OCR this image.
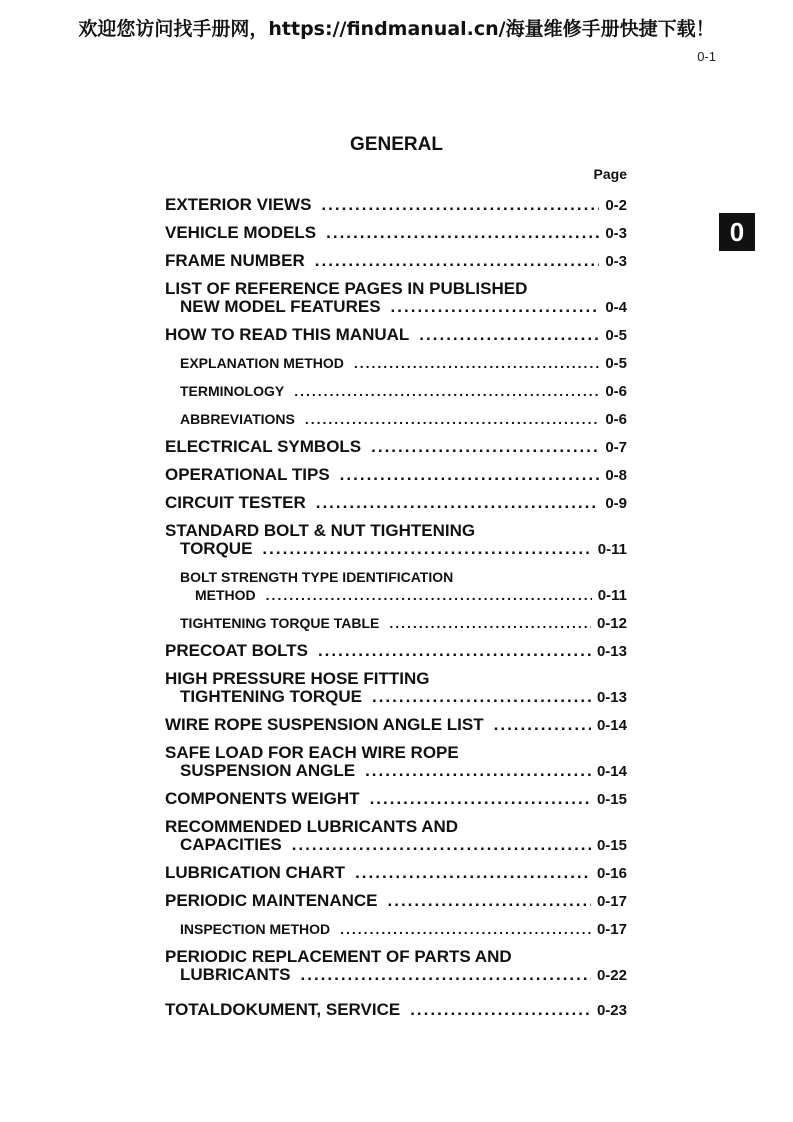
欢迎您访问找手册网，https://findmanual.cn/海量维修手册快捷下载！
0-1
0
GENERAL
Page
EXTERIOR VIEWS .....	0-2
VEHICLE MODELS .....	0-3
FRAME NUMBER .....	0-3
LIST OF REFERENCE PAGES IN PUBLISHED
NEW MODEL FEATURES .....	0-4
HOW TO READ THIS MANUAL .....	0-5
EXPLANATION METHOD .....	0-5
TERMINOLOGY .....	0-6
ABBREVIATIONS .....	0-6
ELECTRICAL SYMBOLS .....	0-7
OPERATIONAL TIPS .....	0-8
CIRCUIT TESTER .....	0-9
STANDARD BOLT & NUT TIGHTENING
TORQUE .....	0-11
BOLT STRENGTH TYPE IDENTIFICATION
METHOD .....	0-11
TIGHTENING TORQUE TABLE .....	0-12
PRECOAT BOLTS .....	0-13
HIGH PRESSURE HOSE FITTING
TIGHTENING TORQUE .....	0-13
WIRE ROPE SUSPENSION ANGLE LIST .....	0-14
SAFE LOAD FOR EACH WIRE ROPE
SUSPENSION ANGLE .....	0-14
COMPONENTS WEIGHT .....	0-15
RECOMMENDED LUBRICANTS AND
CAPACITIES .....	0-15
LUBRICATION CHART .....	0-16
PERIODIC MAINTENANCE .....	0-17
INSPECTION METHOD .....	0-17
PERIODIC REPLACEMENT OF PARTS AND
LUBRICANTS .....	0-22
TOTALDOKUMENT, SERVICE .....	0-23
